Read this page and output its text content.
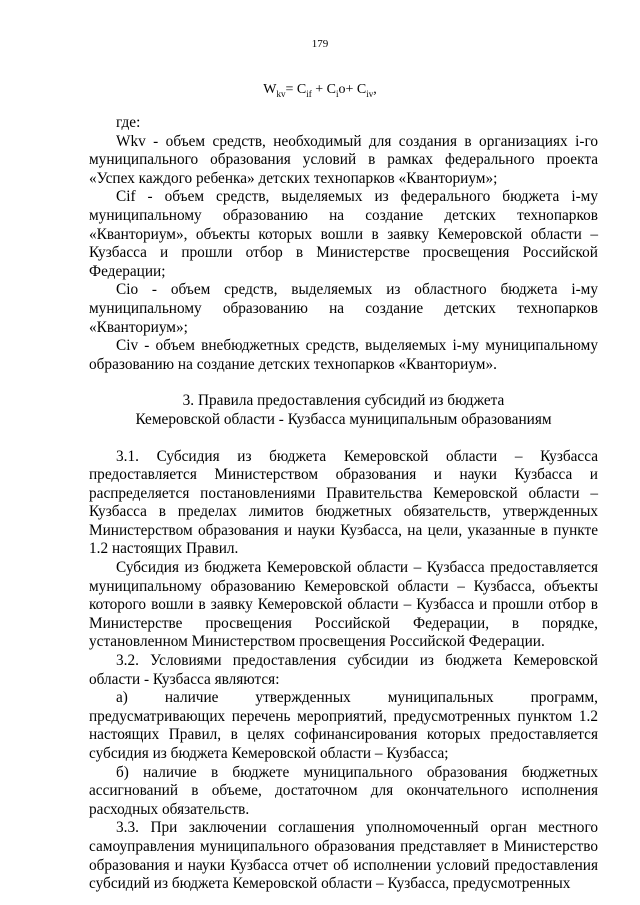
179
$W_{kv}= C_{if} + C_io+ C_{iv}$,

где:

Wkv - объем средств, необходимый для создания в организациях i-го муниципального образования условий в рамках федерального проекта «Успех каждого ребенка» детских технопарков «Кванториум»;

Cif - объем средств, выделяемых из федерального бюджета i-му муниципальному образованию на создание детских технопарков «Кванториум», объекты которых вошли в заявку Кемеровской области – Кузбасса и прошли отбор в Министерстве просвещения Российской Федерации;

Cio - объем средств, выделяемых из областного бюджета i-му муниципальному образованию на создание детских технопарков «Кванториум»;

Civ - объем внебюджетных средств, выделяемых i-му муниципальному образованию на создание детских технопарков «Кванториум».

3. Правила предоставления субсидий из бюджета
Кемеровской области - Кузбасса муниципальным образованиям

3.1. Субсидия из бюджета Кемеровской области – Кузбасса предоставляется Министерством образования и науки Кузбасса и распределяется постановлениями Правительства Кемеровской области – Кузбасса в пределах лимитов бюджетных обязательств, утвержденных Министерством образования и науки Кузбасса, на цели, указанные в пункте 1.2 настоящих Правил.

Субсидия из бюджета Кемеровской области – Кузбасса предоставляется муниципальному образованию Кемеровской области – Кузбасса, объекты которого вошли в заявку Кемеровской области – Кузбасса и прошли отбор в Министерстве просвещения Российской Федерации, в порядке, установленном Министерством просвещения Российской Федерации.

3.2. Условиями предоставления субсидии из бюджета Кемеровской области - Кузбасса являются:

а) наличие утвержденных муниципальных программ, предусматривающих перечень мероприятий, предусмотренных пунктом 1.2 настоящих Правил, в целях софинансирования которых предоставляется субсидия из бюджета Кемеровской области – Кузбасса;

б) наличие в бюджете муниципального образования бюджетных ассигнований в объеме, достаточном для окончательного исполнения расходных обязательств.

3.3. При заключении соглашения уполномоченный орган местного самоуправления муниципального образования представляет в Министерство образования и науки Кузбасса отчет об исполнении условий предоставления субсидий из бюджета Кемеровской области – Кузбасса, предусмотренных
